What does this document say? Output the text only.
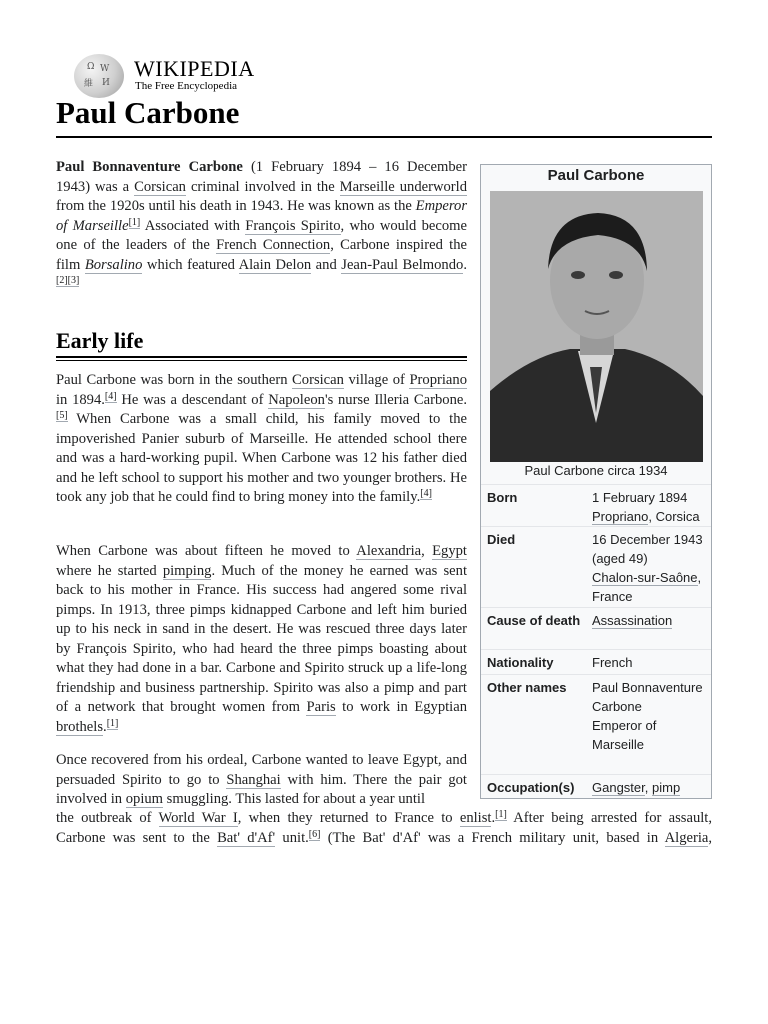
Ω W
維 И
WIKIPEDIA
The Free Encyclopedia
Paul Carbone

Paul Bonnaventure Carbone (1 February 1894 – 16 December 1943) was a Corsican criminal involved in the Marseille underworld from the 1920s until his death in 1943. He was known as the Emperor of Marseille[1] Associated with François Spirito, who would become one of the leaders of the French Connection, Carbone inspired the film Borsalino which featured Alain Delon and Jean-Paul Belmondo.[2][3]

Early life

Paul Carbone was born in the southern Corsican village of Propriano in 1894.[4] He was a descendant of Napoleon's nurse Illeria Carbone.[5] When Carbone was a small child, his family moved to the impoverished Panier suburb of Marseille. He attended school there and was a hard-working pupil. When Carbone was 12 his father died and he left school to support his mother and two younger brothers. He took any job that he could find to bring money into the family.[4]

When Carbone was about fifteen he moved to Alexandria, Egypt where he started pimping. Much of the money he earned was sent back to his mother in France. His success had angered some rival pimps. In 1913, three pimps kidnapped Carbone and left him buried up to his neck in sand in the desert. He was rescued three days later by François Spirito, who had heard the three pimps boasting about what they had done in a bar. Carbone and Spirito struck up a life-long friendship and business partnership. Spirito was also a pimp and part of a network that brought women from Paris to work in Egyptian brothels.[1]

Once recovered from his ordeal, Carbone wanted to leave Egypt, and persuaded Spirito to go to Shanghai with him. There the pair got involved in opium smuggling. This lasted for about a year until

the outbreak of World War I, when they returned to France to enlist.[1] After being arrested for assault,
Carbone was sent to the Bat' d'Af' unit.[6] (The Bat' d'Af' was a French military unit, based in Algeria,
Paul Carbone
Paul Carbone circa 1934
Born	1 February 1894
Propriano, Corsica
Died	16 December 1943 (aged 49)
Chalon-sur-Saône, France
Cause of death Assassination
Nationality	French
Other names	Paul Bonnaventure Carbone
Emperor of Marseille
Occupation(s)	Gangster, pimp
